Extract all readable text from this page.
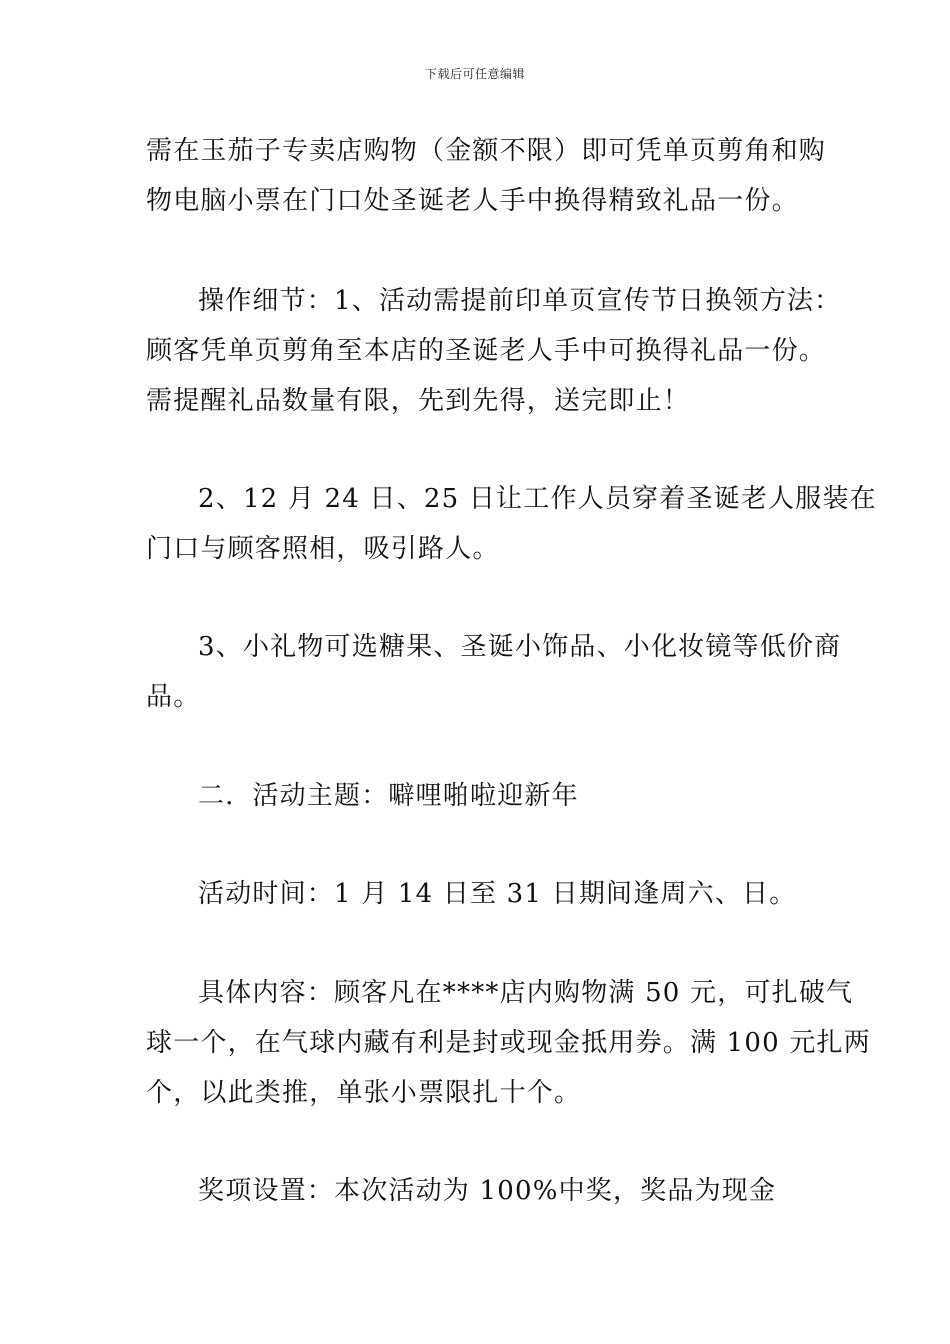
下载后可任意编辑
需在玉茄子专卖店购物（金额不限）即可凭单页剪角和购
物电脑小票在门口处圣诞老人手中换得精致礼品一份。
操作细节：1、活动需提前印单页宣传节日换领方法：
顾客凭单页剪角至本店的圣诞老人手中可换得礼品一份。
需提醒礼品数量有限，先到先得，送完即止！
2、12 月 24 日、25 日让工作人员穿着圣诞老人服装在
门口与顾客照相，吸引路人。
3、小礼物可选糖果、圣诞小饰品、小化妆镜等低价商
品。
二．活动主题：噼哩啪啦迎新年
活动时间：1 月 14 日至 31 日期间逢周六、日。
具体内容：顾客凡在****店内购物满 50 元，可扎破气
球一个，在气球内藏有利是封或现金抵用券。满 100 元扎两
个，以此类推，单张小票限扎十个。
奖项设置：本次活动为 100%中奖，奖品为现金
